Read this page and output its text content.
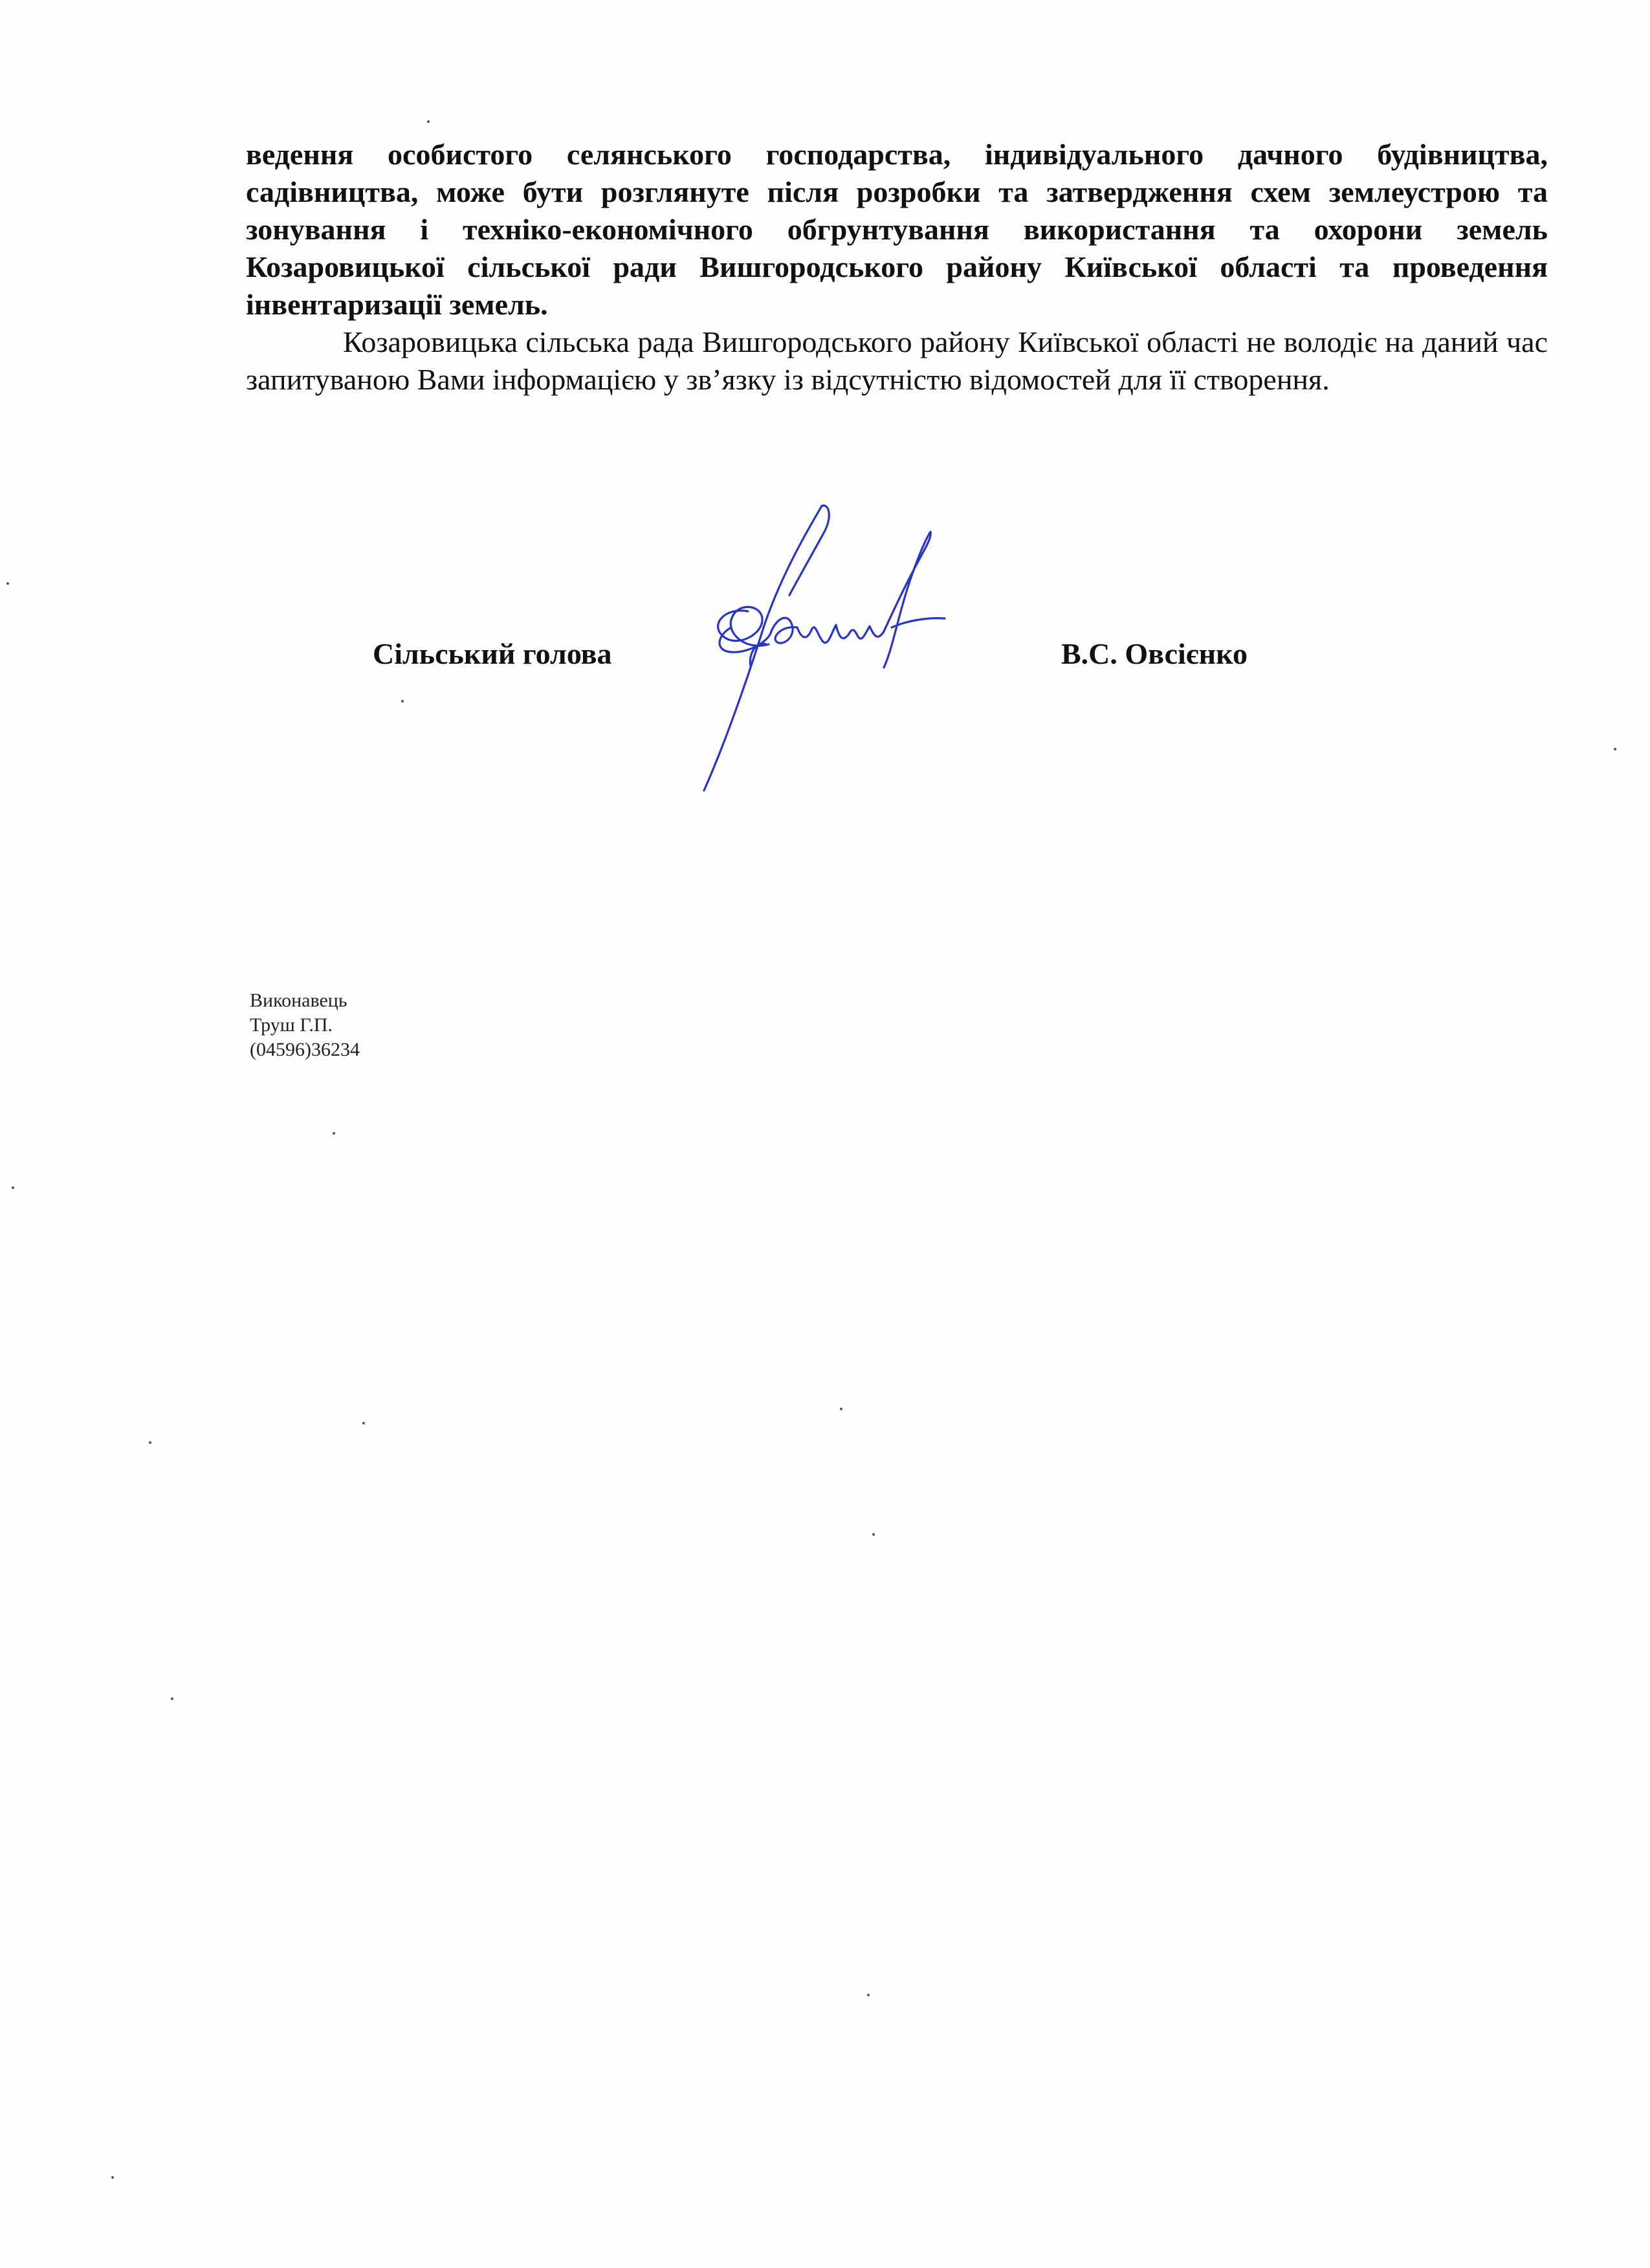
ведення особистого селянського господарства, індивідуального дачного будівництва, садівництва, може бути розглянуте після розробки та затвердження схем землеустрою та зонування і техніко-економічного обгрунтування використання та охорони земель Козаровицької сільської ради Вишгородського району Київської області та проведення інвентаризації земель.

Козаровицька сільська рада Вишгородського району Київської області не володіє на даний час запитуваною Вами інформацією у зв’язку із відсутністю відомостей для її створення.

Сільський голова	В.С. Овсієнко
Виконавець
Труш Г.П.
(04596)36234
